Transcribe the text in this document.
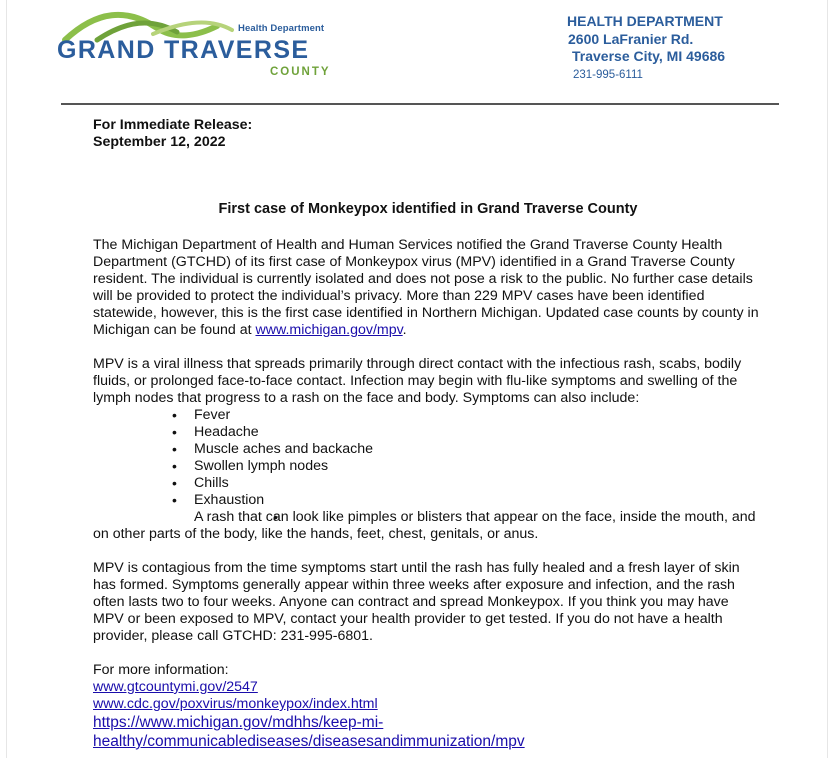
Health Department
GRAND TRAVERSE
COUNTY
HEALTH DEPARTMENT
2600 LaFranier Rd.
Traverse City, MI 49686
231-995-6111

For Immediate Release:

September 12, 2022

First case of Monkeypox identified in Grand Traverse County

The Michigan Department of Health and Human Services notified the Grand Traverse County Health Department (GTCHD) of its first case of Monkeypox virus (MPV) identified in a Grand Traverse County resident. The individual is currently isolated and does not pose a risk to the public. No further case details will be provided to protect the individual’s privacy. More than 229 MPV cases have been identified statewide, however, this is the first case identified in Northern Michigan. Updated case counts by county in Michigan can be found at www.michigan.gov/mpv.

MPV is a viral illness that spreads primarily through direct contact with the infectious rash, scabs, bodily fluids, or prolonged face-to-face contact. Infection may begin with flu-like symptoms and swelling of the lymph nodes that progress to a rash on the face and body. Symptoms can also include:

• Fever
• Headache
• Muscle aches and backache
• Swollen lymph nodes
• Chills
• Exhaustion
• A rash that can look like pimples or blisters that appear on the face, inside the mouth, and on other parts of the body, like the hands, feet, chest, genitals, or anus.

MPV is contagious from the time symptoms start until the rash has fully healed and a fresh layer of skin has formed. Symptoms generally appear within three weeks after exposure and infection, and the rash often lasts two to four weeks. Anyone can contract and spread Monkeypox. If you think you may have MPV or been exposed to MPV, contact your health provider to get tested. If you do not have a health provider, please call GTCHD: 231-995-6801.

For more information:

www.gtcountymi.gov/2547
www.cdc.gov/poxvirus/monkeypox/index.html
https://www.michigan.gov/mdhhs/keep-mi-healthy/communicablediseases/diseasesandimmunization/mpv
